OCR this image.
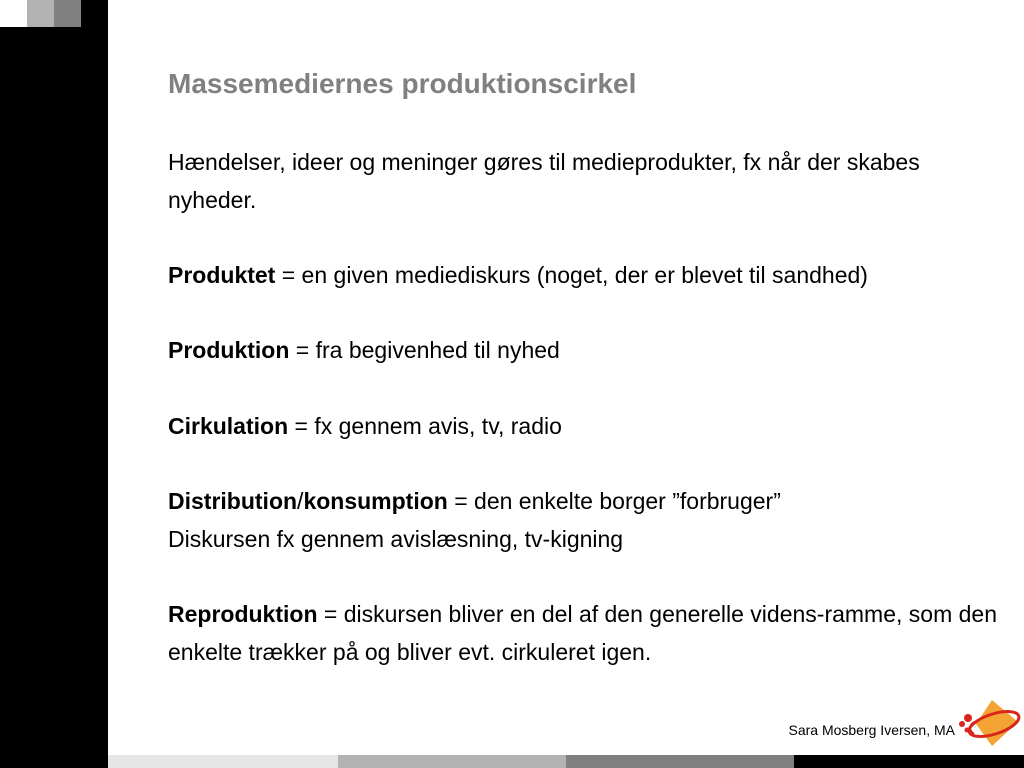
Massemediernes produktionscirkel

Hændelser, ideer og meninger gøres til medieprodukter, fx når der skabes nyheder.

Produktet = en given mediediskurs (noget, der er blevet til sandhed)

Produktion = fra begivenhed til nyhed

Cirkulation = fx gennem avis, tv, radio

Distribution/konsumption = den enkelte borger ”forbruger”
Diskursen fx gennem avislæsning, tv-kigning

Reproduktion = diskursen bliver en del af den generelle videns-ramme, som den enkelte trækker på og bliver evt. cirkuleret igen.

Sara Mosberg Iversen, MA
